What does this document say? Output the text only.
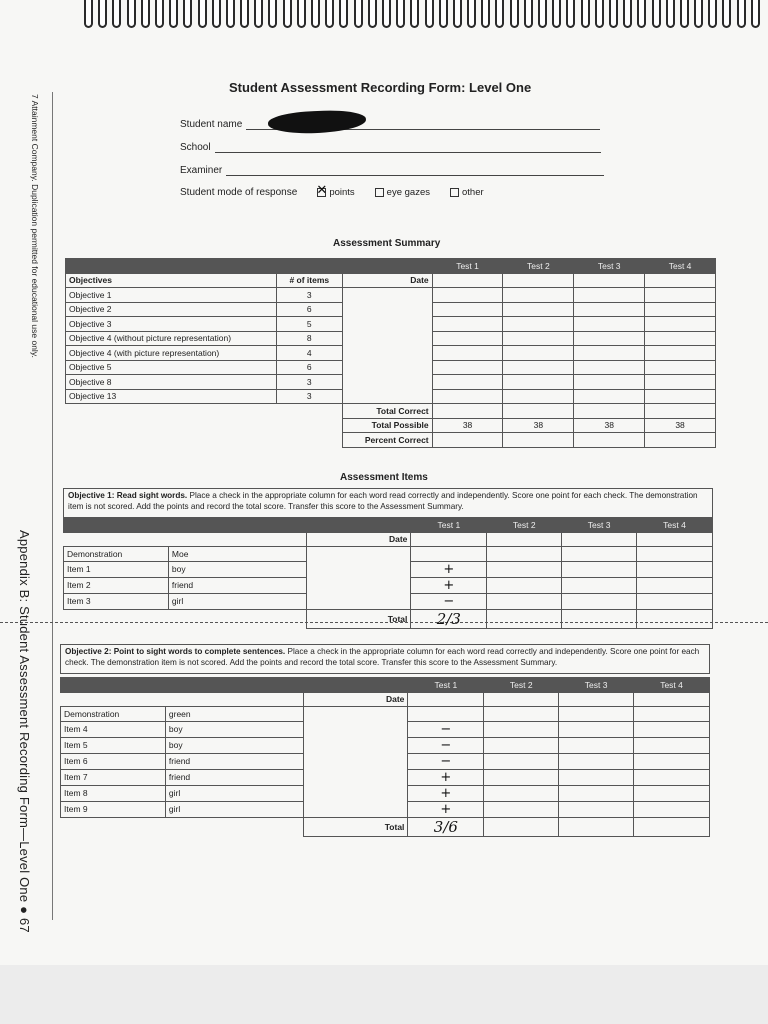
7 Attainment Company. Duplication permitted for educational use only.
Appendix B: Student Assessment Recording Form—Level One ● 67
Student Assessment Recording Form: Level One
Student name
School
Examiner
Student mode of response ✕	points	eye gazes	other
Assessment Summary
			Test 1	Test 2	Test 3	Test 4
Objectives	# of items	Date				
Objective 1	3					
Objective 2	6					
Objective 3	5					
Objective 4 (without picture representation)	8					
Objective 4 (with picture representation)	4					
Objective 5	6					
Objective 8	3					
Objective 13	3					
		Total Correct				
		Total Possible	38	38	38	38
		Percent Correct				
Assessment Items
Objective 1: Read sight words. Place a check in the appropriate column for each word read correctly and independently. Score one point for each check. The demonstration item is not scored. Add the points and record the total score. Transfer this score to the Assessment Summary.
			Test 1	Test 2	Test 3	Test 4
		Date				
Demonstration	Moe					
Item 1	boy		+			
Item 2	friend		+			
Item 3	girl		−			
		Total	2/3			
Objective 2: Point to sight words to complete sentences. Place a check in the appropriate column for each word read correctly and independently. Score one point for each check. The demonstration item is not scored. Add the points and record the total score. Transfer this score to the Assessment Summary.
			Test 1	Test 2	Test 3	Test 4
		Date				
Demonstration	green					
Item 4	boy		−			
Item 5	boy		−			
Item 6	friend		−			
Item 7	friend		+			
Item 8	girl		+			
Item 9	girl		+			
		Total	3/6			
